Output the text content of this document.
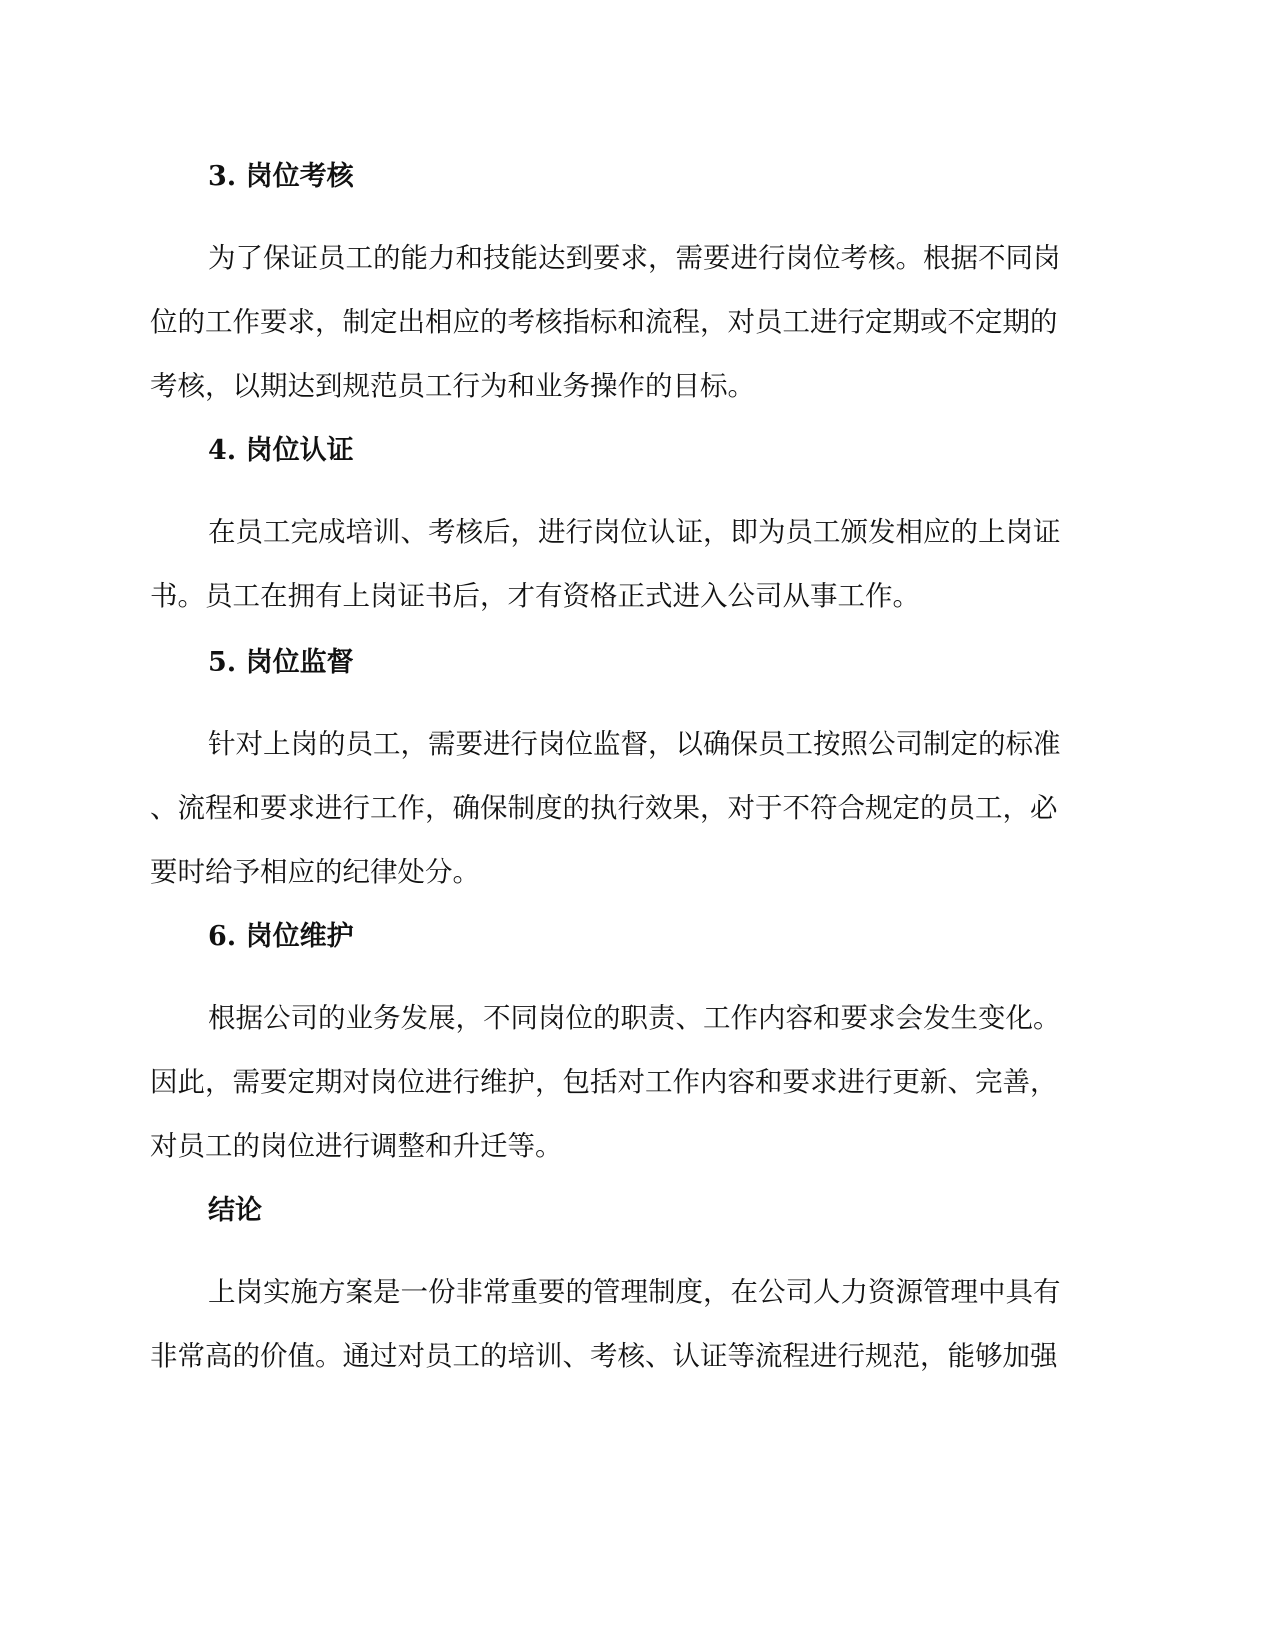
3. 岗位考核
为了保证员工的能力和技能达到要求，需要进行岗位考核。根据不同岗
位的工作要求，制定出相应的考核指标和流程，对员工进行定期或不定期的
考核，以期达到规范员工行为和业务操作的目标。
4. 岗位认证
在员工完成培训、考核后，进行岗位认证，即为员工颁发相应的上岗证
书。员工在拥有上岗证书后，才有资格正式进入公司从事工作。
5. 岗位监督
针对上岗的员工，需要进行岗位监督，以确保员工按照公司制定的标准
、流程和要求进行工作，确保制度的执行效果，对于不符合规定的员工，必
要时给予相应的纪律处分。
6. 岗位维护
根据公司的业务发展，不同岗位的职责、工作内容和要求会发生变化。
因此，需要定期对岗位进行维护，包括对工作内容和要求进行更新、完善，
对员工的岗位进行调整和升迁等。
结论
上岗实施方案是一份非常重要的管理制度，在公司人力资源管理中具有
非常高的价值。通过对员工的培训、考核、认证等流程进行规范，能够加强
